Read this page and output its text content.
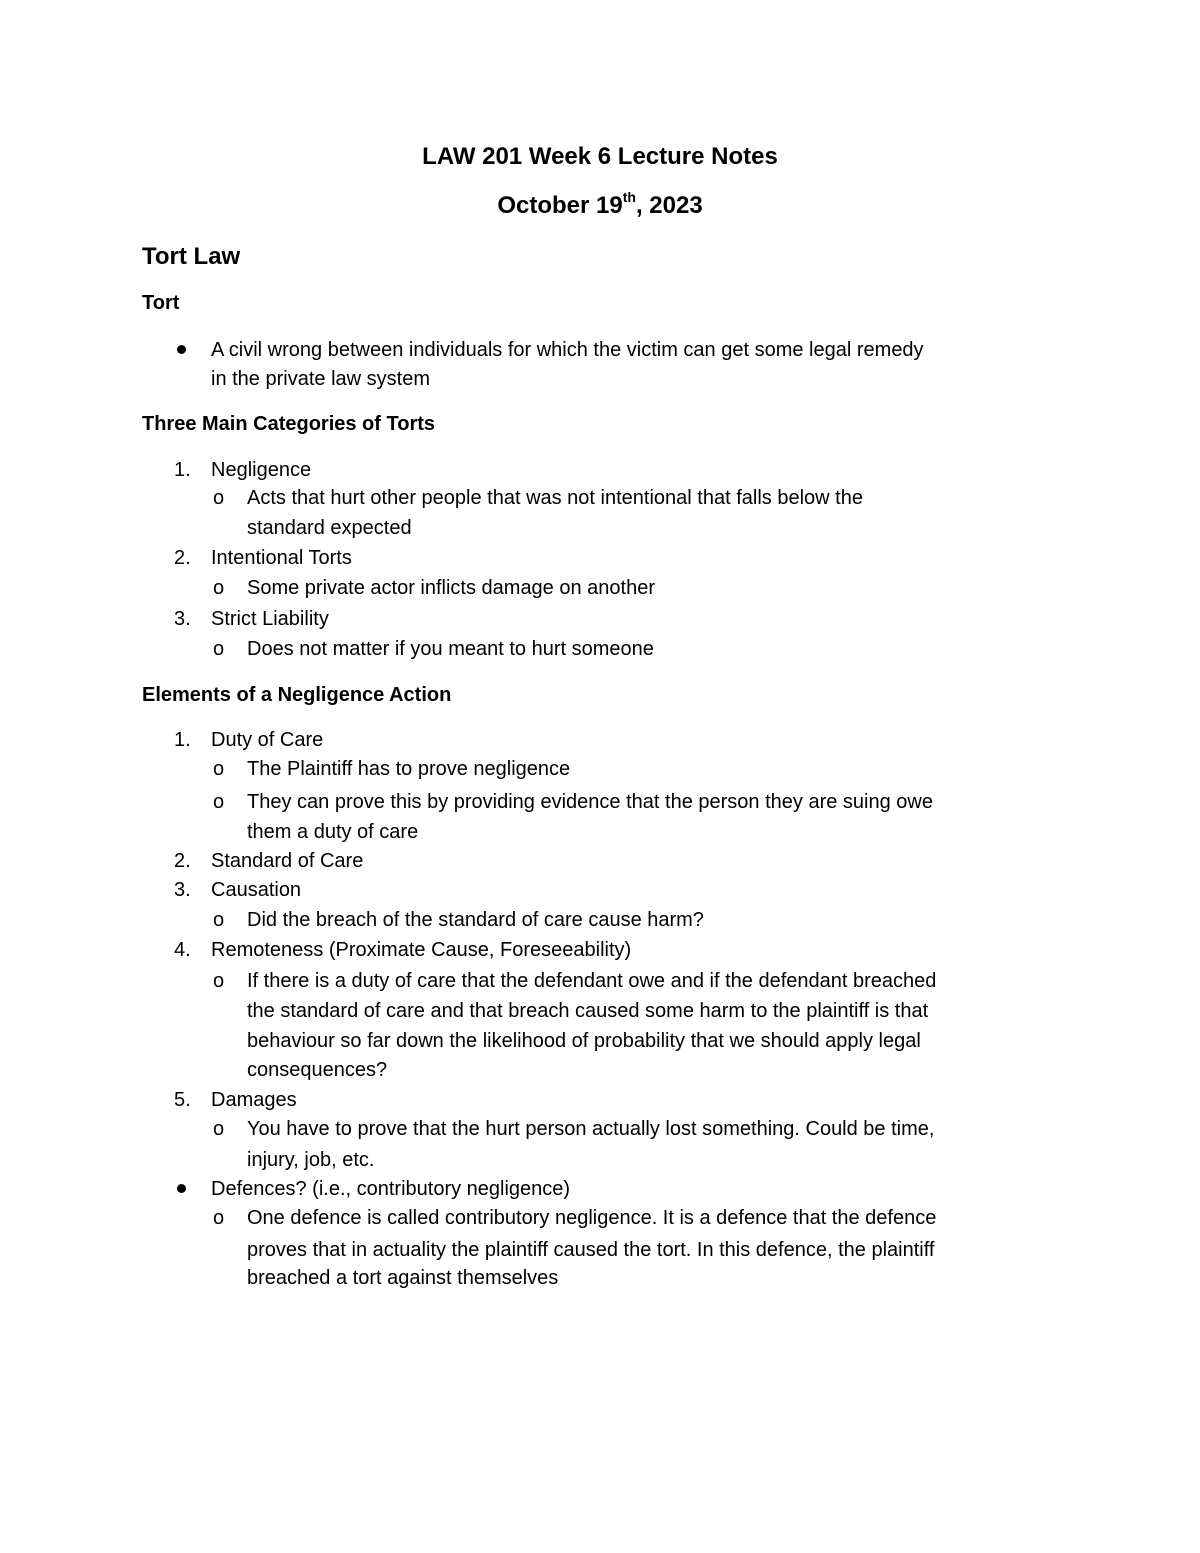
LAW 201 Week 6 Lecture Notes
October 19th, 2023
Tort Law
Tort
A civil wrong between individuals for which the victim can get some legal remedy
in the private law system
Three Main Categories of Torts
1. Negligence
o Acts that hurt other people that was not intentional that falls below the
standard expected
2. Intentional Torts
o Some private actor inflicts damage on another
3. Strict Liability
o Does not matter if you meant to hurt someone
Elements of a Negligence Action
1. Duty of Care
o The Plaintiff has to prove negligence
o They can prove this by providing evidence that the person they are suing owe
them a duty of care
2. Standard of Care
3. Causation
o Did the breach of the standard of care cause harm?
4. Remoteness (Proximate Cause, Foreseeability)
o If there is a duty of care that the defendant owe and if the defendant breached
the standard of care and that breach caused some harm to the plaintiff is that
behaviour so far down the likelihood of probability that we should apply legal
consequences?
5. Damages
o You have to prove that the hurt person actually lost something. Could be time,
injury, job, etc.
Defences? (i.e., contributory negligence)
o One defence is called contributory negligence. It is a defence that the defence
proves that in actuality the plaintiff caused the tort. In this defence, the plaintiff
breached a tort against themselves
